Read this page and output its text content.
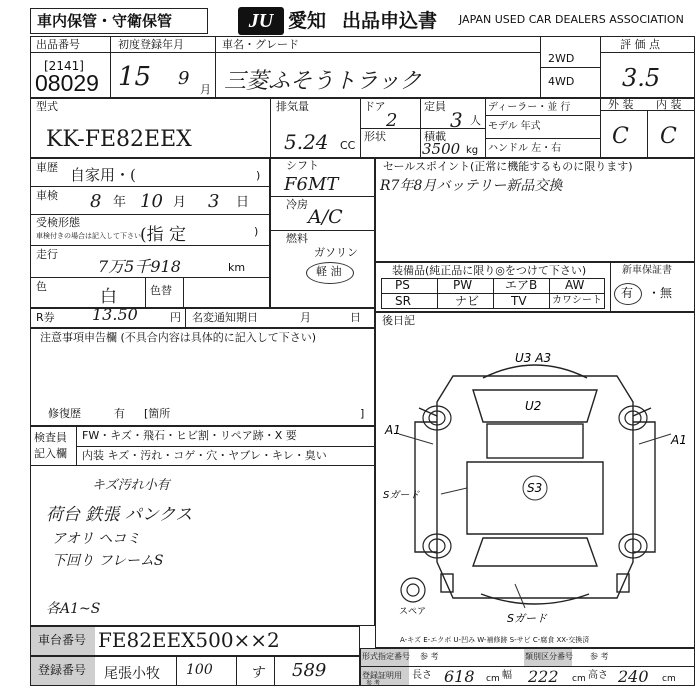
車内保管・守衛保管	JU 愛知 出品申込書 JAPAN USED CAR DEALERS ASSOCIATION
出品番号
[2141]
08029
初度登録年月
15 9
月
車名・グレード
三菱ふそうトラック
2WD
4WD
評 価 点
3.5
型式
KK-FE82EEX
排気量
5.24 CC
ドア
2
形状
定員
3 人
積載
3500 kg
ディーラー・並 行
モデル 年式
ハンドル 左・右
外 装 内 装
C C
車歴 自家用・(	)
車検 8 年 10 月 3 日
受検形態
車検付きの場合は記入して下さい (指 定	)
走行
7万5千918	km
色
白	色替
R券 13.50	円 名変通知期日	月	日
シフト
F6MT
冷房
A/C
燃料
ガソリン
軽 油
セールスポイント(正常に機能するものに限ります)
R7年8月バッテリー新品交換
装備品(純正品に限り◎をつけて下さい)	新車保証書
有 ・無
PS	PW	エアB AW
SR	ナビ	TV	カワシート
注意事項申告欄 (不具合内容は具体的に記入して下さい)
修復歴	有 [箇所	]
検査員
記入欄
FW・キズ・飛石・ヒビ割・リペア跡・X 要
内装 キズ・汚れ・コゲ・穴・ヤブレ・キレ・臭い
キズ汚れ小有
荷台 鉄張 パンクス
アオリ ヘコミ
下回り フレームS
各A1~S
後日記
U3 A3
U2
S3
A1
A1
Sガード
Sガード
スペア
A-キズ E-エクボ U-凹み W-補修跡 S-サビ C-腐食 XX-交換済
車台番号 FE82EEX500××2
登録番号 尾張小牧 100	す 589
形式指定番号 参 考	類別区分番号 参 考
登録証明用
参 考
長さ 618 cm 幅 222 cm 高さ 240 cm
